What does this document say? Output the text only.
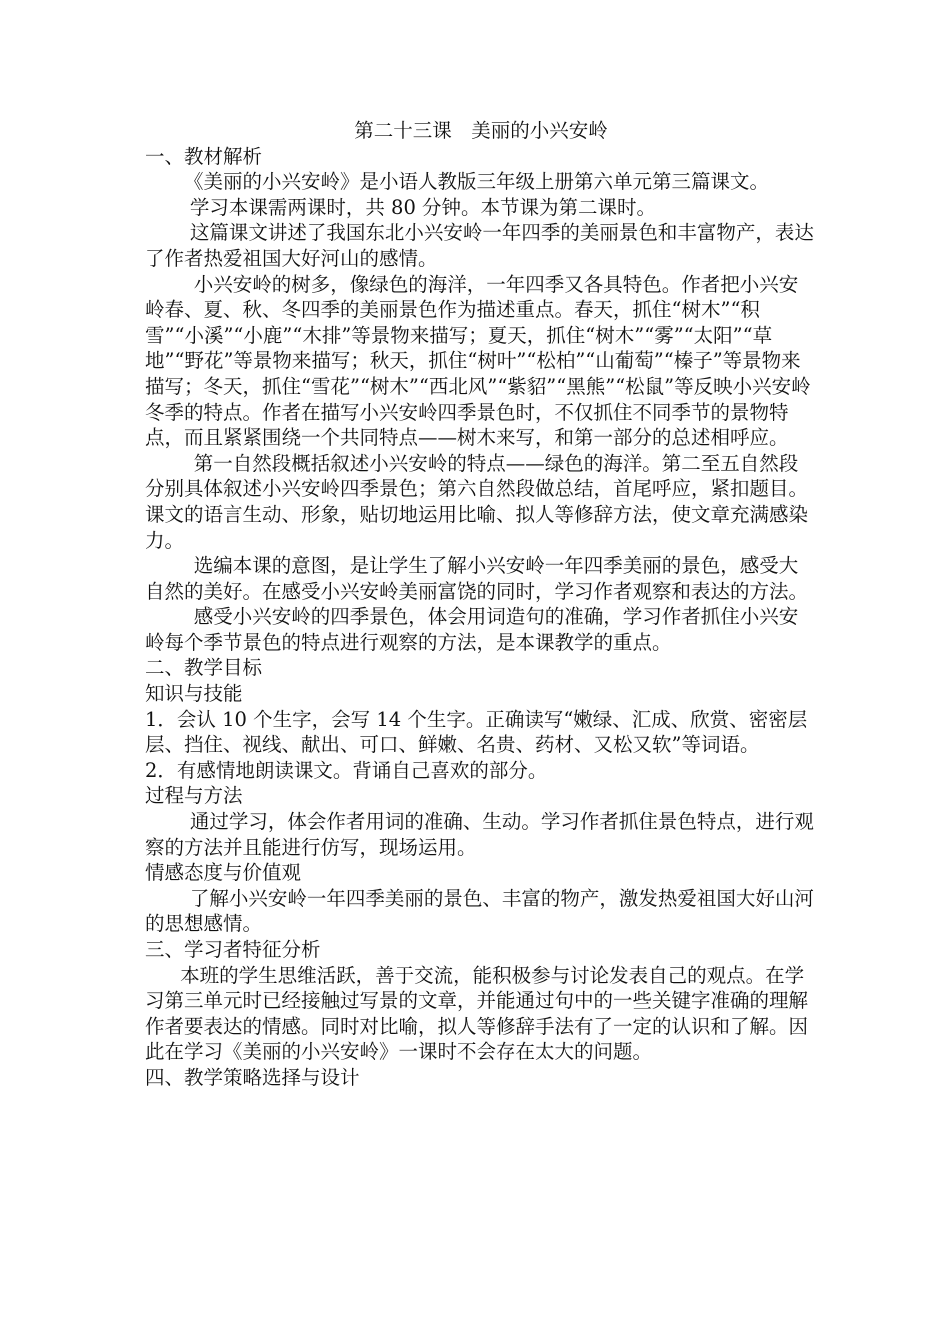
第二十三课　美丽的小兴安岭

一、教材解析

《美丽的小兴安岭》是小语人教版三年级上册第六单元第三篇课文。

学习本课需两课时，共 80 分钟。本节课为第二课时。

这篇课文讲述了我国东北小兴安岭一年四季的美丽景色和丰富物产，表达了作者热爱祖国大好河山的感情。

小兴安岭的树多，像绿色的海洋，一年四季又各具特色。作者把小兴安岭春、夏、秋、冬四季的美丽景色作为描述重点。春天，抓住“树木”“积雪”“小溪”“小鹿”“木排”等景物来描写；夏天，抓住“树木”“雾”“太阳”“草地”“野花”等景物来描写；秋天，抓住“树叶”“松柏”“山葡萄”“榛子”等景物来描写；冬天，抓住“雪花”“树木”“西北风”“紫貂”“黑熊”“松鼠”等反映小兴安岭冬季的特点。作者在描写小兴安岭四季景色时，不仅抓住不同季节的景物特点，而且紧紧围绕一个共同特点——树木来写，和第一部分的总述相呼应。

第一自然段概括叙述小兴安岭的特点——绿色的海洋。第二至五自然段分别具体叙述小兴安岭四季景色；第六自然段做总结，首尾呼应，紧扣题目。课文的语言生动、形象，贴切地运用比喻、拟人等修辞方法，使文章充满感染力。

选编本课的意图，是让学生了解小兴安岭一年四季美丽的景色，感受大自然的美好。在感受小兴安岭美丽富饶的同时，学习作者观察和表达的方法。

感受小兴安岭的四季景色，体会用词造句的准确，学习作者抓住小兴安岭每个季节景色的特点进行观察的方法，是本课教学的重点。

二、教学目标

知识与技能

1．会认 10 个生字，会写 14 个生字。正确读写“嫩绿、汇成、欣赏、密密层层、挡住、视线、献出、可口、鲜嫩、名贵、药材、又松又软”等词语。

2．有感情地朗读课文。背诵自己喜欢的部分。

过程与方法

通过学习，体会作者用词的准确、生动。学习作者抓住景色特点，进行观察的方法并且能进行仿写，现场运用。

情感态度与价值观

了解小兴安岭一年四季美丽的景色、丰富的物产，激发热爱祖国大好山河的思想感情。

三、学习者特征分析

本班的学生思维活跃，善于交流，能积极参与讨论发表自己的观点。在学习第三单元时已经接触过写景的文章，并能通过句中的一些关键字准确的理解作者要表达的情感。同时对比喻，拟人等修辞手法有了一定的认识和了解。因此在学习《美丽的小兴安岭》一课时不会存在太大的问题。

四、教学策略选择与设计
